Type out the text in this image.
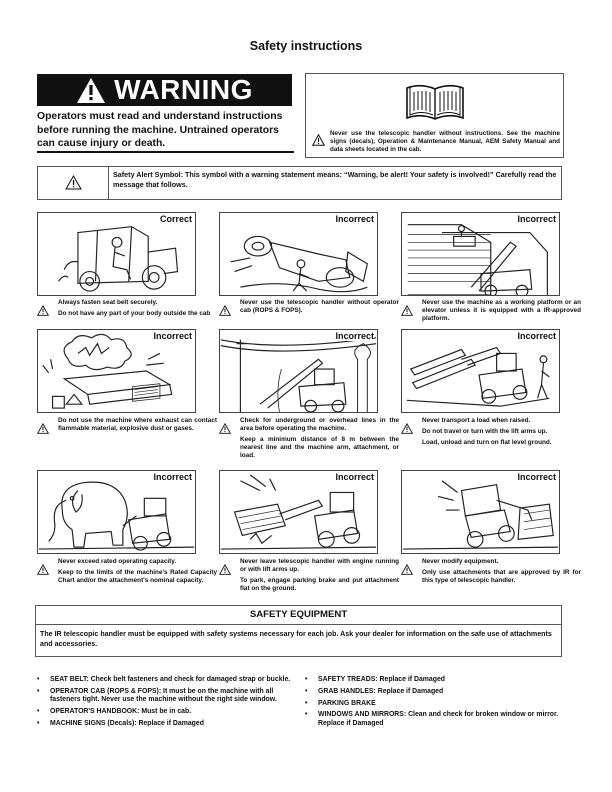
Safety instructions
WARNING
Operators must read and understand instructions before running the machine. Untrained operators can cause injury or death.
Never use the telescopic handler without instructions. See the machine signs (decals), Operation & Maintenance Manual, AEM Safety Manual and data sheets located in the cab.
Safety Alert Symbol: This symbol with a warning statement means: “Warning, be alert! Your safety is involved!” Carefully read the message that follows.
Correct

Always fasten seat belt securely.

Do not have any part of your body outside the cab

Incorrect

Never use the telescopic handler without operator cab (ROPS & FOPS).

Incorrect

Never use the machine as a working platform or an elevator unless it is equipped with a IR-approved platform.

Incorrect

Do not use the machine where exhaust can contact flammable material, explosive dust or gases.

Incorrect

Check for underground or overhead lines in the area before operating the machine.

Keep a minimum distance of 8 m between the nearest line and the machine arm, attachment, or load.

Incorrect

Never transport a load when raised.

Do not travel or turn with the lift arms up.

Load, unload and turn on flat level ground.

Incorrect

Never exceed rated operating capacity.

Keep to the limits of the machine's Rated Capacity Chart and/or the attachment's nominal capacity.

Incorrect

Never leave telescopic handler with engine running or with lift arms up.

To park, engage parking brake and put attachment flat on the ground.

Incorrect

Never modify equipment.

Only use attachments that are approved by IR for this type of telescopic handler.

SAFETY EQUIPMENT
The IR telescopic handler must be equipped with safety systems necessary for each job. Ask your dealer for information on the safe use of attachments and accessories.
• SEAT BELT: Check belt fasteners and check for damaged strap or buckle.
• OPERATOR CAB (ROPS & FOPS): It must be on the machine with all fasteners tight. Never use the machine without the right side window.
• OPERATOR'S HANDBOOK: Must be in cab.
• MACHINE SIGNS (Decals): Replace if Damaged
• SAFETY TREADS: Replace if Damaged
• GRAB HANDLES: Replace if Damaged
• PARKING BRAKE
• WINDOWS AND MIRRORS: Clean and check for broken window or mirror. Replace if Damaged
